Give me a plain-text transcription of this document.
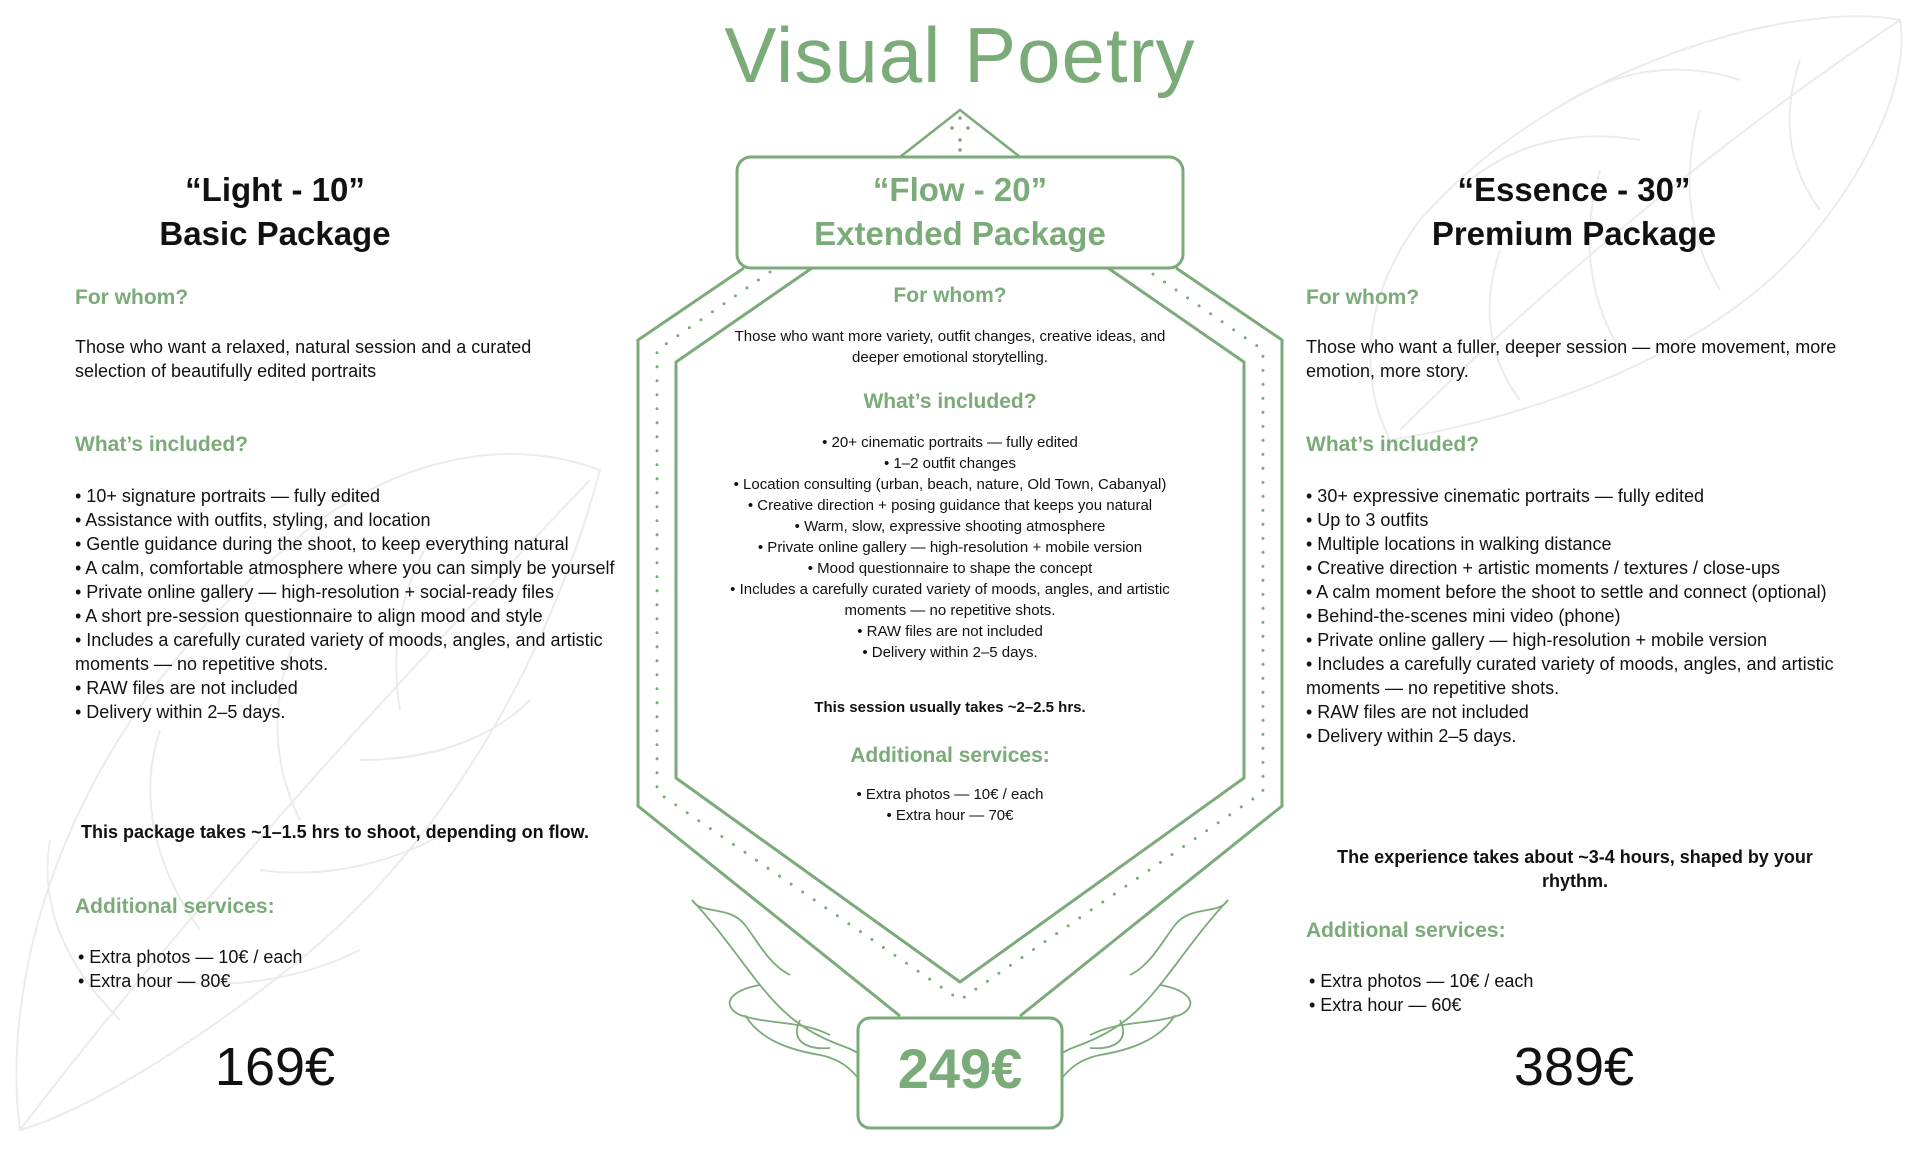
Visual Poetry
“Light - 10”
Basic Package
For whom?
Those who want a relaxed, natural session and a curated selection of beautifully edited portraits
What’s included?
• 10+ signature portraits — fully edited
• Assistance with outfits, styling, and location
• Gentle guidance during the shoot, to keep everything natural
• A calm, comfortable atmosphere where you can simply be yourself
• Private online gallery — high-resolution + social-ready files
• A short pre-session questionnaire to align mood and style
• Includes a carefully curated variety of moods, angles, and artistic moments — no repetitive shots.
• RAW files are not included
• Delivery within 2–5 days.
This package takes ~1–1.5 hrs to shoot, depending on flow.
Additional services:
• Extra photos — 10€ / each
• Extra hour — 80€
169€
“Flow - 20”
Extended Package
For whom?
Those who want more variety, outfit changes, creative ideas, and deeper emotional storytelling.
What’s included?
• 20+ cinematic portraits — fully edited
• 1–2 outfit changes
• Location consulting (urban, beach, nature, Old Town, Cabanyal)
• Creative direction + posing guidance that keeps you natural
• Warm, slow, expressive shooting atmosphere
• Private online gallery — high-resolution + mobile version
• Mood questionnaire to shape the concept
• Includes a carefully curated variety of moods, angles, and artistic moments — no repetitive shots.
• RAW files are not included
• Delivery within 2–5 days.
This session usually takes ~2–2.5 hrs.
Additional services:
• Extra photos — 10€ / each
• Extra hour — 70€
249€
“Essence - 30”
Premium Package
For whom?
Those who want a fuller, deeper session — more movement, more emotion, more story.
What’s included?
• 30+ expressive cinematic portraits — fully edited
• Up to 3 outfits
• Multiple locations in walking distance
• Creative direction + artistic moments / textures / close-ups
• A calm moment before the shoot to settle and connect (optional)
• Behind-the-scenes mini video (phone)
• Private online gallery — high-resolution + mobile version
• Includes a carefully curated variety of moods, angles, and artistic moments — no repetitive shots.
• RAW files are not included
• Delivery within 2–5 days.
The experience takes about ~3-4 hours, shaped by your rhythm.
Additional services:
• Extra photos — 10€ / each
• Extra hour — 60€
389€
